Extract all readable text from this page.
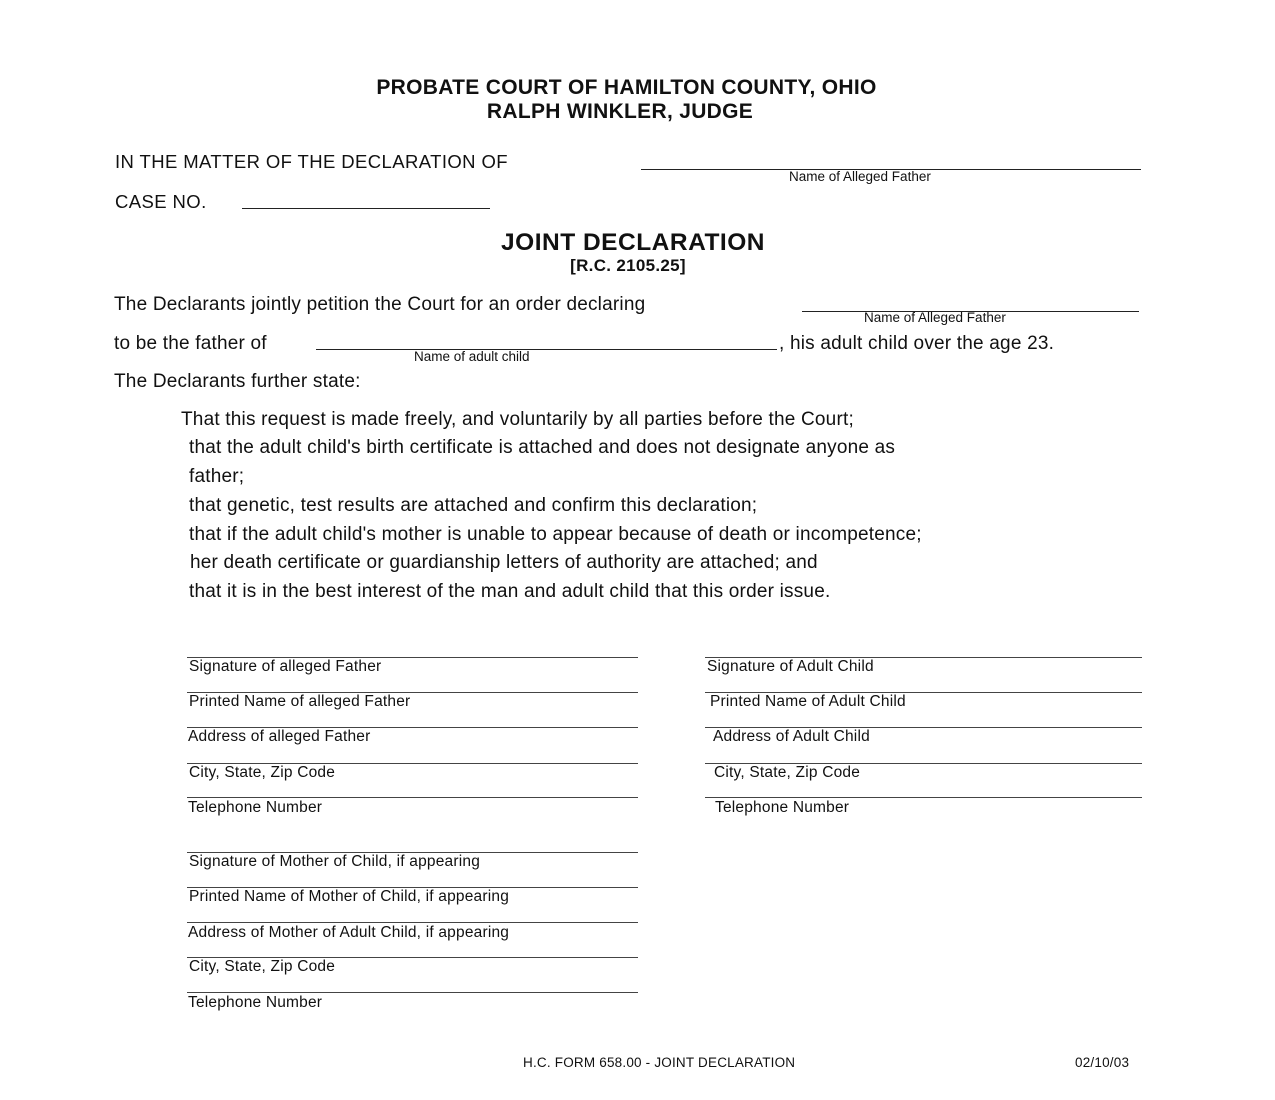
PROBATE COURT OF HAMILTON COUNTY, OHIO
RALPH WINKLER, JUDGE
IN THE MATTER OF THE DECLARATION OF
Name of Alleged Father
CASE NO.
JOINT DECLARATION
[R.C. 2105.25]
The Declarants jointly petition the Court for an order declaring
Name of Alleged Father
to be the father of
Name of adult child
, his adult child over the age 23.
The Declarants further state:
That this request is made freely, and voluntarily by all parties before the Court;
that the adult child's birth certificate is attached and does not designate anyone as
father;
that genetic, test results are attached and confirm this declaration;
that if the adult child's mother is unable to appear because of death or incompetence;
her death certificate or guardianship letters of authority are attached; and
that it is in the best interest of the man and adult child that this order issue.
Signature of alleged Father
Printed Name of alleged Father
Address of alleged Father
City, State, Zip Code
Telephone Number
Signature of Adult Child
Printed Name of Adult Child
Address of Adult Child
City, State, Zip Code
Telephone Number
Signature of Mother of Child, if appearing
Printed Name of Mother of Child, if appearing
Address of Mother of Adult Child, if appearing
City, State, Zip Code
Telephone Number
H.C. FORM 658.00 - JOINT DECLARATION	02/10/03
